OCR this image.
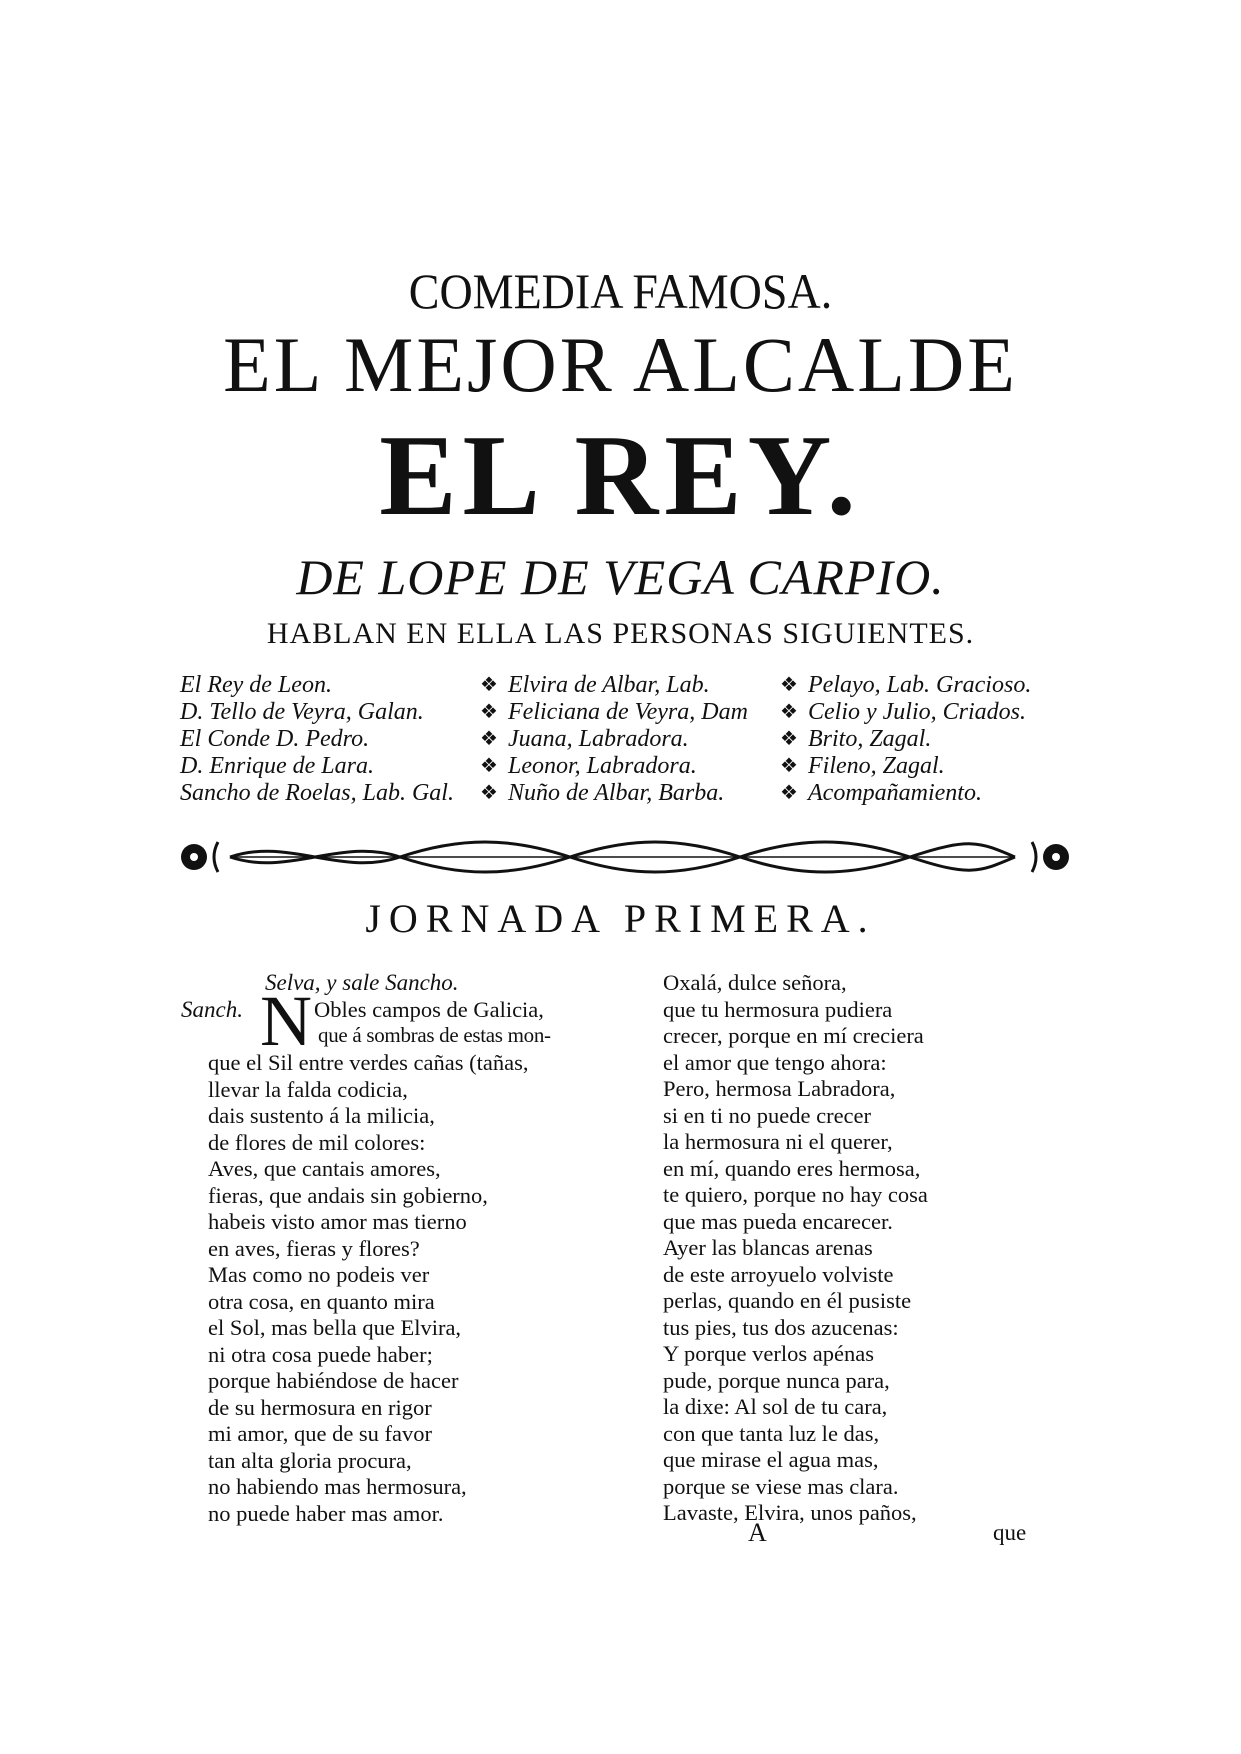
COMEDIA FAMOSA.
EL MEJOR ALCALDE
EL REY.
DE LOPE DE VEGA CARPIO.
HABLAN EN ELLA LAS PERSONAS SIGUIENTES.
El Rey de Leon.
D. Tello de Veyra, Galan.
El Conde D. Pedro.
D. Enrique de Lara.
Sancho de Roelas, Lab. Gal.
❖
❖
❖
❖
❖
Elvira de Albar, Lab.
Feliciana de Veyra, Dam
Juana, Labradora.
Leonor, Labradora.
Nuño de Albar, Barba.
❖
❖
❖
❖
❖
Pelayo, Lab. Gracioso.
Celio y Julio, Criados.
Brito, Zagal.
Fileno, Zagal.
Acompañamiento.
JORNADA PRIMERA.
Selva, y sale Sancho.
Sanch. N Obles campos de Galicia,
que á sombras de estas mon-
que el Sil entre verdes cañas (tañas,
llevar la falda codicia,
dais sustento á la milicia,
de flores de mil colores:
Aves, que cantais amores,
fieras, que andais sin gobierno,
habeis visto amor mas tierno
en aves, fieras y flores?
Mas como no podeis ver
otra cosa, en quanto mira
el Sol, mas bella que Elvira,
ni otra cosa puede haber;
porque habiéndose de hacer
de su hermosura en rigor
mi amor, que de su favor
tan alta gloria procura,
no habiendo mas hermosura,
no puede haber mas amor.
Oxalá, dulce señora,
que tu hermosura pudiera
crecer, porque en mí creciera
el amor que tengo ahora:
Pero, hermosa Labradora,
si en ti no puede crecer
la hermosura ni el querer,
en mí, quando eres hermosa,
te quiero, porque no hay cosa
que mas pueda encarecer.
Ayer las blancas arenas
de este arroyuelo volviste
perlas, quando en él pusiste
tus pies, tus dos azucenas:
Y porque verlos apénas
pude, porque nunca para,
la dixe: Al sol de tu cara,
con que tanta luz le das,
que mirase el agua mas,
porque se viese mas clara.
Lavaste, Elvira, unos paños,
A	que
